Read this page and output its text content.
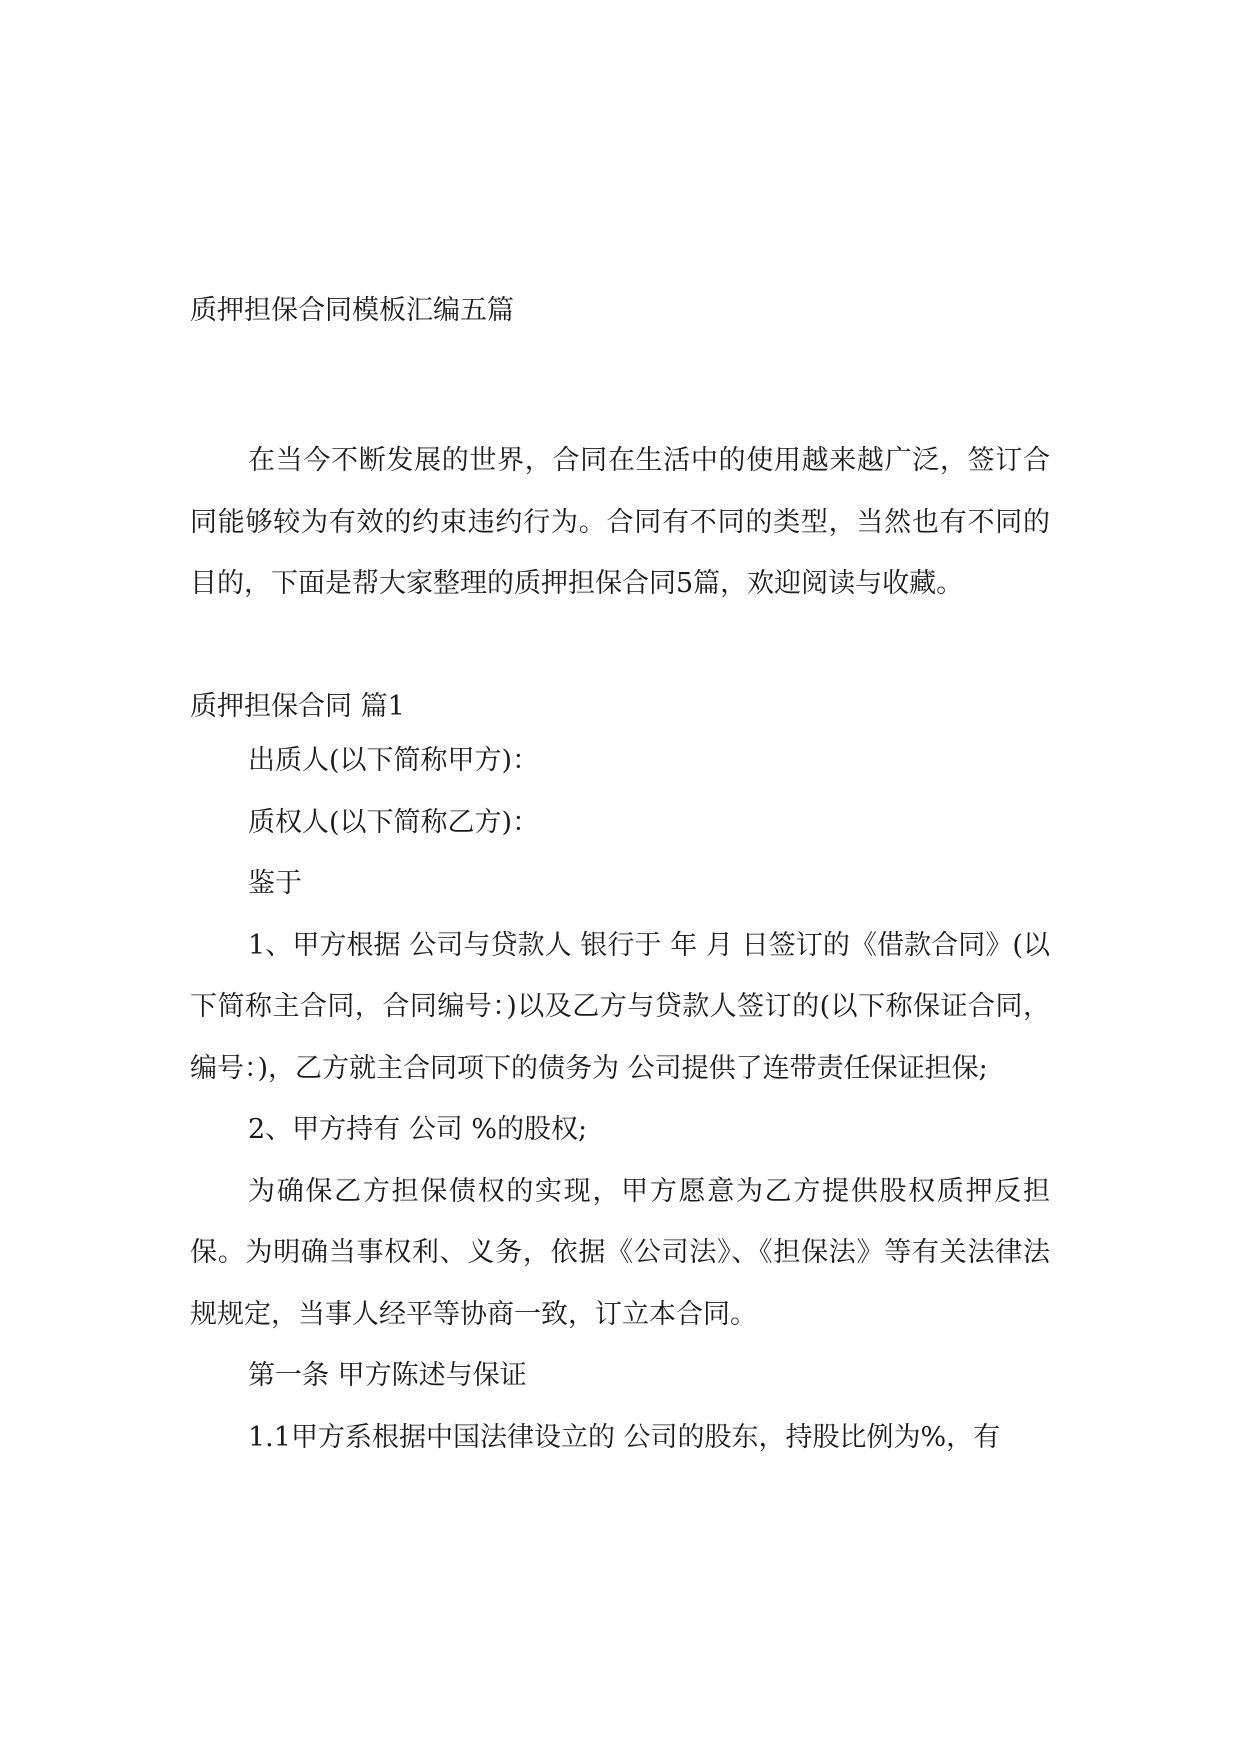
质押担保合同模板汇编五篇
在当今不断发展的世界，合同在生活中的使用越来越广泛，签订合同能够较为有效的约束违约行为。合同有不同的类型，当然也有不同的目的，下面是帮大家整理的质押担保合同5篇，欢迎阅读与收藏。
质押担保合同 篇1

出质人(以下简称甲方)：

质权人(以下简称乙方)：

鉴于

1、甲方根据 公司与贷款人 银行于 年 月 日签订的《借款合同》(以下简称主合同，合同编号：)以及乙方与贷款人签订的(以下称保证合同，编号：)，乙方就主合同项下的债务为 公司提供了连带责任保证担保;

2、甲方持有 公司 %的股权;

为确保乙方担保债权的实现，甲方愿意为乙方提供股权质押反担保。为明确当事权利、义务，依据《公司法》、《担保法》等有关法律法规规定，当事人经平等协商一致，订立本合同。

第一条 甲方陈述与保证

1.1甲方系根据中国法律设立的 公司的股东，持股比例为%，有
